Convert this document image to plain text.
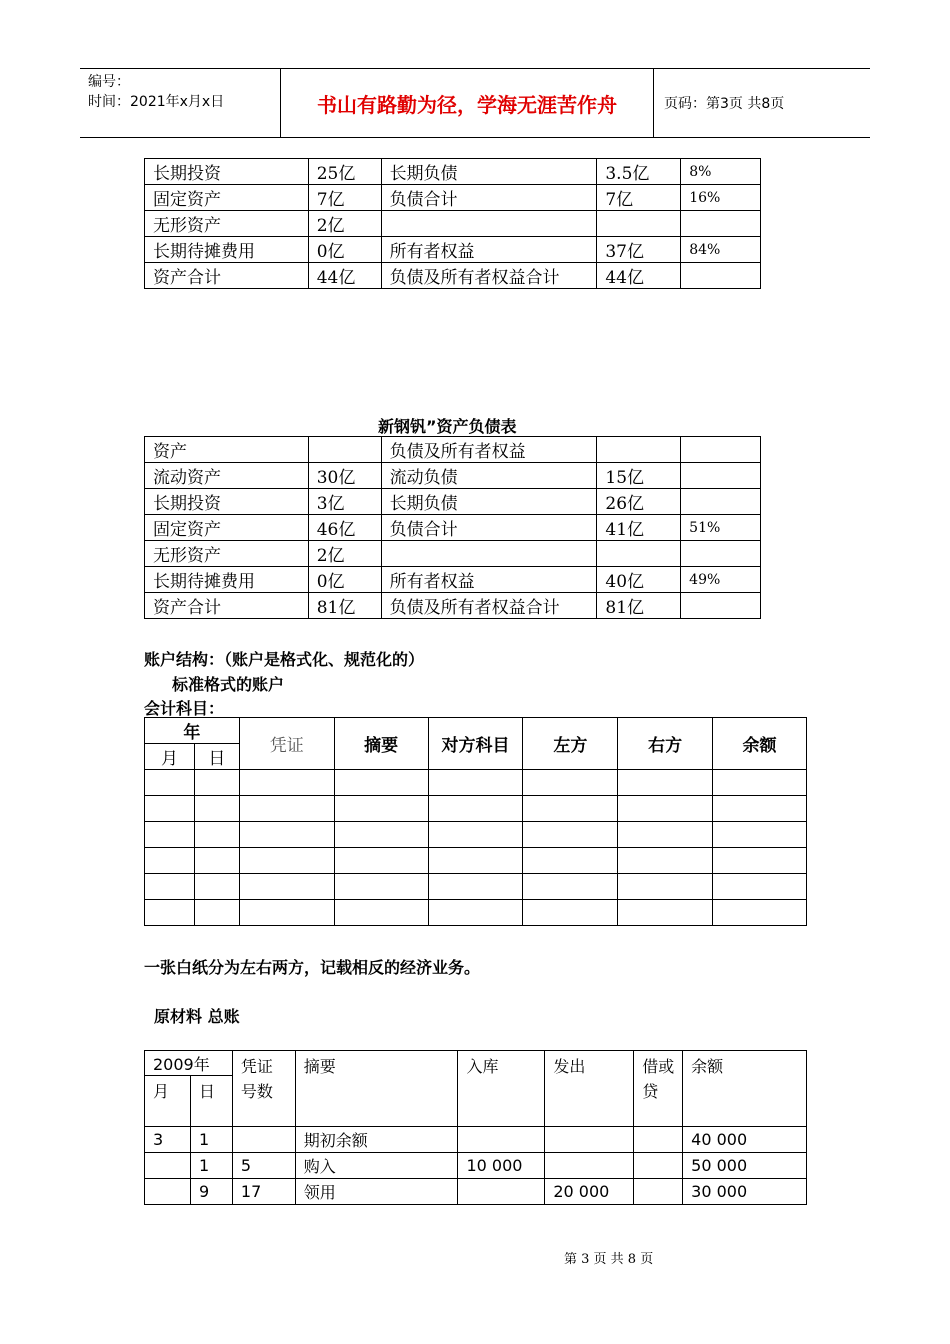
编号：
时间：2021年x月x日	书山有路勤为径，学海无涯苦作舟	页码：第3页 共8页
长期投资	25亿	长期负债	3.5亿	8%
固定资产	7亿	负债合计	7亿	16%
无形资产	2亿			
长期待摊费用	0亿	所有者权益	37亿	84%
资产合计	44亿	负债及所有者权益合计	44亿	
新钢钒”资产负债表
资产		负债及所有者权益		
流动资产	30亿	流动负债	15亿	
长期投资	3亿	长期负债	26亿	
固定资产	46亿	负债合计	41亿	51%
无形资产	2亿			
长期待摊费用	0亿	所有者权益	40亿	49%
资产合计	81亿	负债及所有者权益合计	81亿	
账户结构：（账户是格式化、规范化的）
标准格式的账户
会计科目：
年		凭证	摘要	对方科目	左方	右方	余额
月	日						

一张白纸分为左右两方，记载相反的经济业务。
原材料 总账
2009年		凭证号数	摘要	入库	发出	借或贷	余额
月	日						
3	1		期初余额				40 000
	1	5	购入	10 000			50 000
	9	17	领用		20 000		30 000
第 3 页 共 8 页
